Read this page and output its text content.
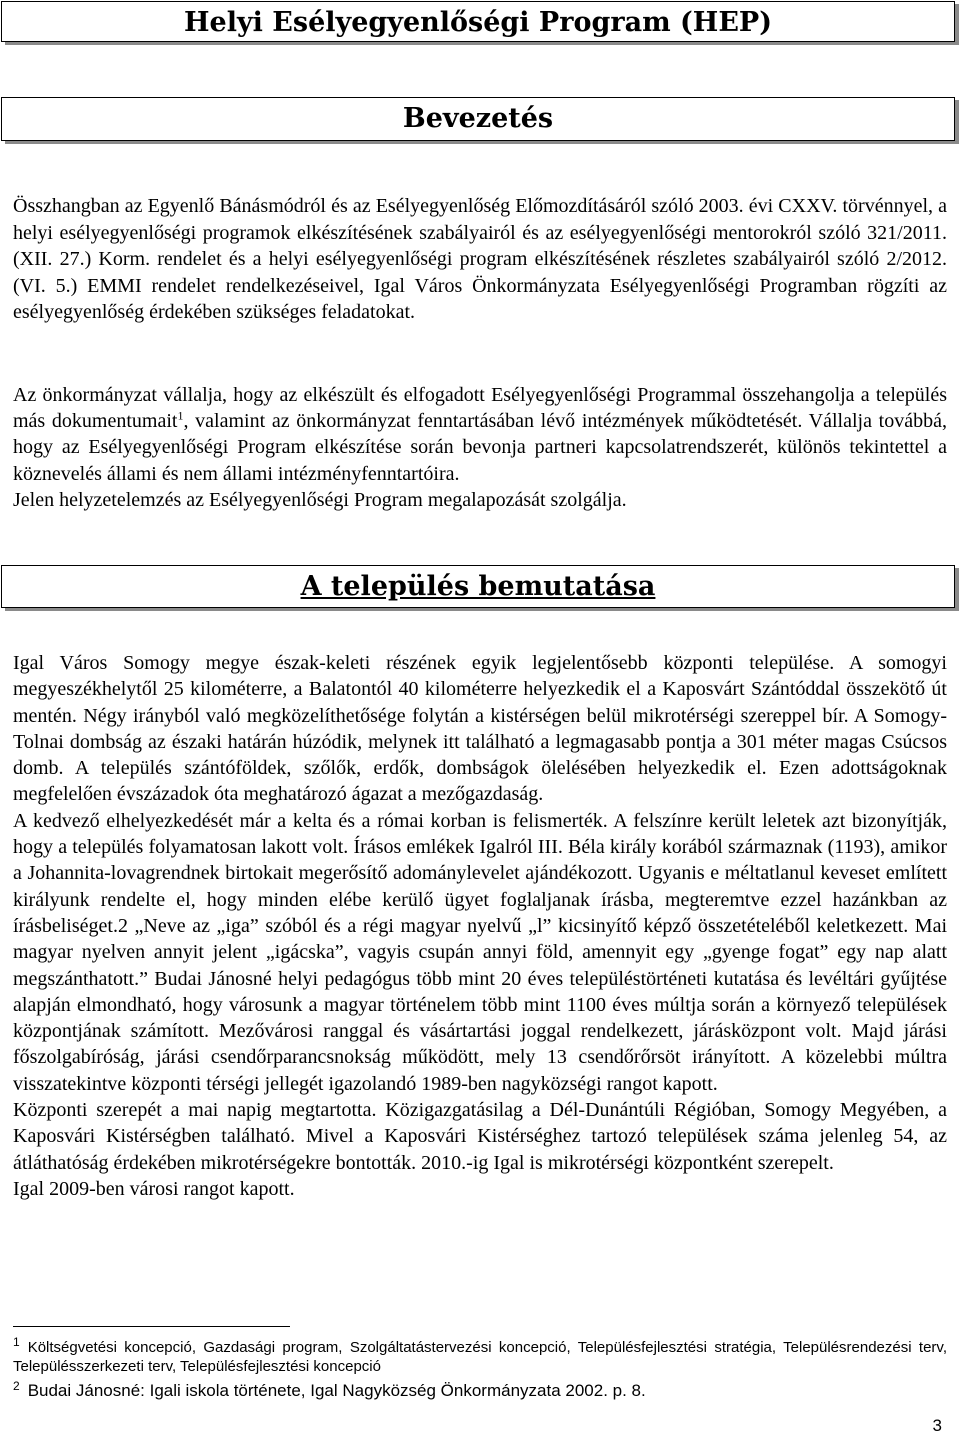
Helyi Esélyegyenlőségi Program (HEP)
Bevezetés

Összhangban az Egyenlő Bánásmódról és az Esélyegyenlőség Előmozdításáról szóló 2003. évi CXXV. törvénnyel, a helyi esélyegyenlőségi programok elkészítésének szabályairól és az esélyegyenlőségi mentorokról szóló 321/2011. (XII. 27.) Korm. rendelet és a helyi esélyegyenlőségi program elkészítésének részletes szabályairól szóló 2/2012. (VI. 5.) EMMI rendelet rendelkezéseivel, Igal Város Önkormányzata Esélyegyenlőségi Programban rögzíti az esélyegyenlőség érdekében szükséges feladatokat.

Az önkormányzat vállalja, hogy az elkészült és elfogadott Esélyegyenlőségi Programmal összehangolja a település más dokumentumait$^1$, valamint az önkormányzat fenntartásában lévő intézmények működtetését. Vállalja továbbá, hogy az Esélyegyenlőségi Program elkészítése során bevonja partneri kapcsolatrendszerét, különös tekintettel a köznevelés állami és nem állami intézményfenntartóira.

Jelen helyzetelemzés az Esélyegyenlőségi Program megalapozását szolgálja.

A település bemutatása

Igal Város Somogy megye észak-keleti részének egyik legjelentősebb központi települése. A somogyi megyeszékhelytől 25 kilométerre, a Balatontól 40 kilométerre helyezkedik el a Kaposvárt Szántóddal összekötő út mentén. Négy irányból való megközelíthetősége folytán a kistérségen belül mikrotérségi szereppel bír. A Somogy-Tolnai dombság az északi határán húzódik, melynek itt található a legmagasabb pontja a 301 méter magas Csúcsos domb. A település szántóföldek, szőlők, erdők, dombságok ölelésében helyezkedik el. Ezen adottságoknak megfelelően évszázadok óta meghatározó ágazat a mezőgazdaság.

A kedvező elhelyezkedését már a kelta és a római korban is felismerték. A felszínre került leletek azt bizonyítják, hogy a település folyamatosan lakott volt. Írásos emlékek Igalról III. Béla király korából származnak (1193), amikor a Johannita-lovagrendnek birtokait megerősítő adománylevelet ajándékozott. Ugyanis e méltatlanul keveset említett királyunk rendelte el, hogy minden elébe kerülő ügyet foglaljanak írásba, megteremtve ezzel hazánkban az írásbeliséget.2 „Neve az „iga” szóból és a régi magyar nyelvű „l” kicsinyítő képző összetételéből keletkezett. Mai magyar nyelven annyit jelent „igácska”, vagyis csupán annyi föld, amennyit egy „gyenge fogat” egy nap alatt megszánthatott.” Budai Jánosné helyi pedagógus több mint 20 éves településtörténeti kutatása és levéltári gyűjtése alapján elmondható, hogy városunk a magyar történelem több mint 1100 éves múltja során a környező települések központjának számított. Mezővárosi ranggal és vásártartási joggal rendelkezett, járásközpont volt. Majd járási főszolgabíróság, járási csendőrparancsnokság működött, mely 13 csendőrőrsöt irányított. A közelebbi múltra visszatekintve központi térségi jellegét igazolandó 1989-ben nagyközségi rangot kapott.

Központi szerepét a mai napig megtartotta. Közigazgatásilag a Dél-Dunántúli Régióban, Somogy Megyében, a Kaposvári Kistérségben található. Mivel a Kaposvári Kistérséghez tartozó települések száma jelenleg 54, az átláthatóság érdekében mikrotérségekre bontották. 2010.-ig Igal is mikrotérségi központként szerepelt.

Igal 2009-ben városi rangot kapott.

$^1$ Költségvetési koncepció, Gazdasági program, Szolgáltatástervezési koncepció, Településfejlesztési stratégia, Településrendezési terv, Településszerkezeti terv, Településfejlesztési koncepció
$^2$ Budai Jánosné: Igali iskola története, Igal Nagyközség Önkormányzata 2002. p. 8.
3
